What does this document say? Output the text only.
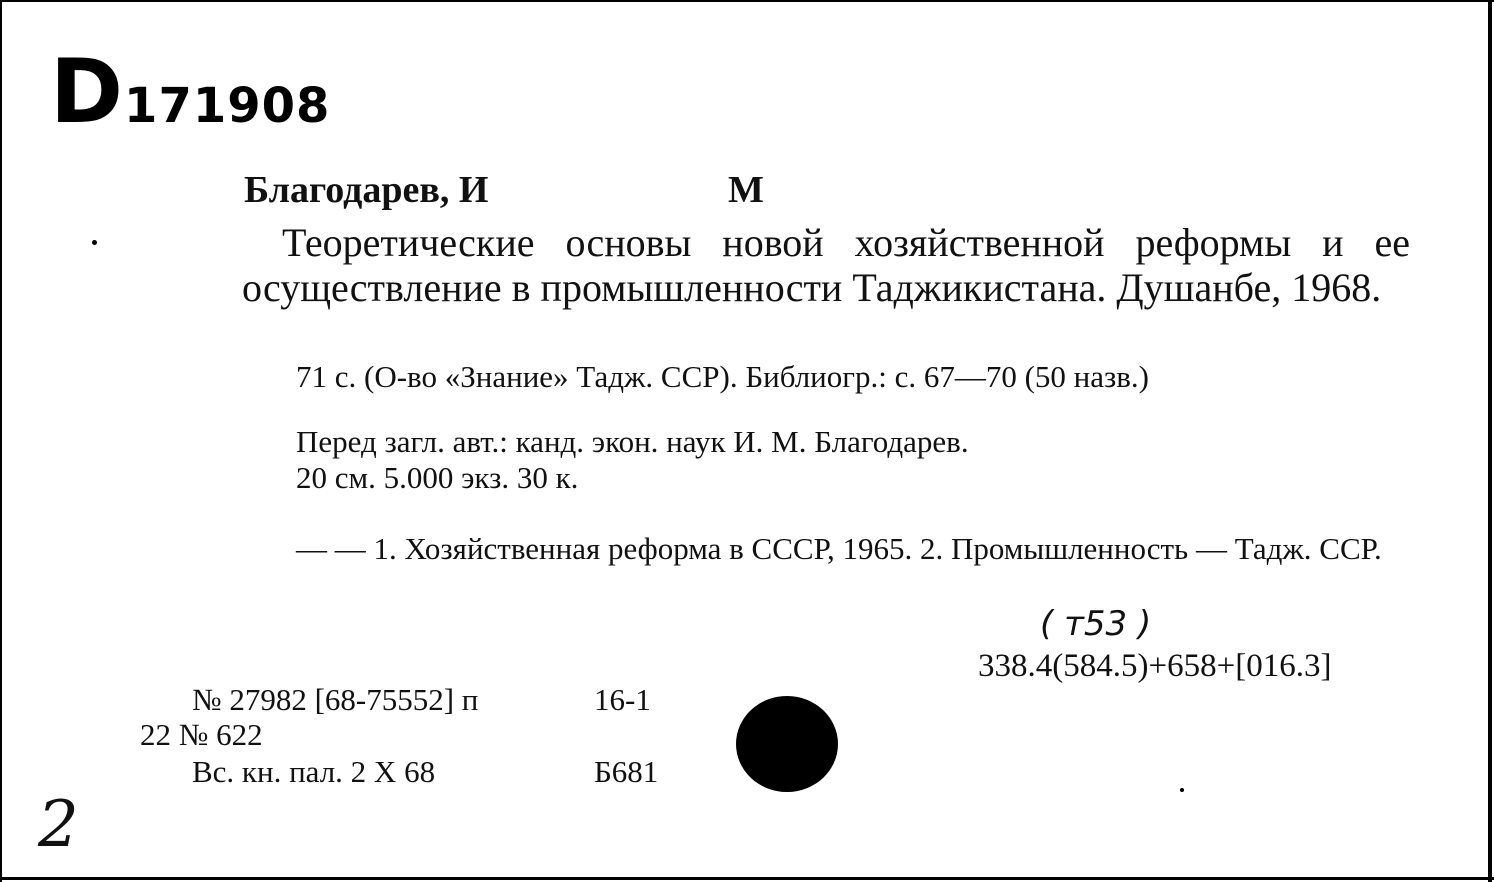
D171908
Благодарев, И	М
Теоретические основы новой хозяйственной реформы и ее осуществление в промышленности Таджикистана. Душанбе, 1968.
71 с. (О-во «Знание» Тадж. ССР). Библиогр.: с. 67—70 (50 назв.)
Перед загл. авт.: канд. экон. наук И. М. Благодарев.
20 см. 5.000 экз. 30 к.
— — 1. Хозяйственная реформа в СССР, 1965. 2. Промышленность — Тадж. ССР.
( т53 )
338.4(584.5)+658+[016.3]
№ 27982 [68-75552] п	16-1
22 № 622
Вс. кн. пал. 2 Х 68	Б681
2
